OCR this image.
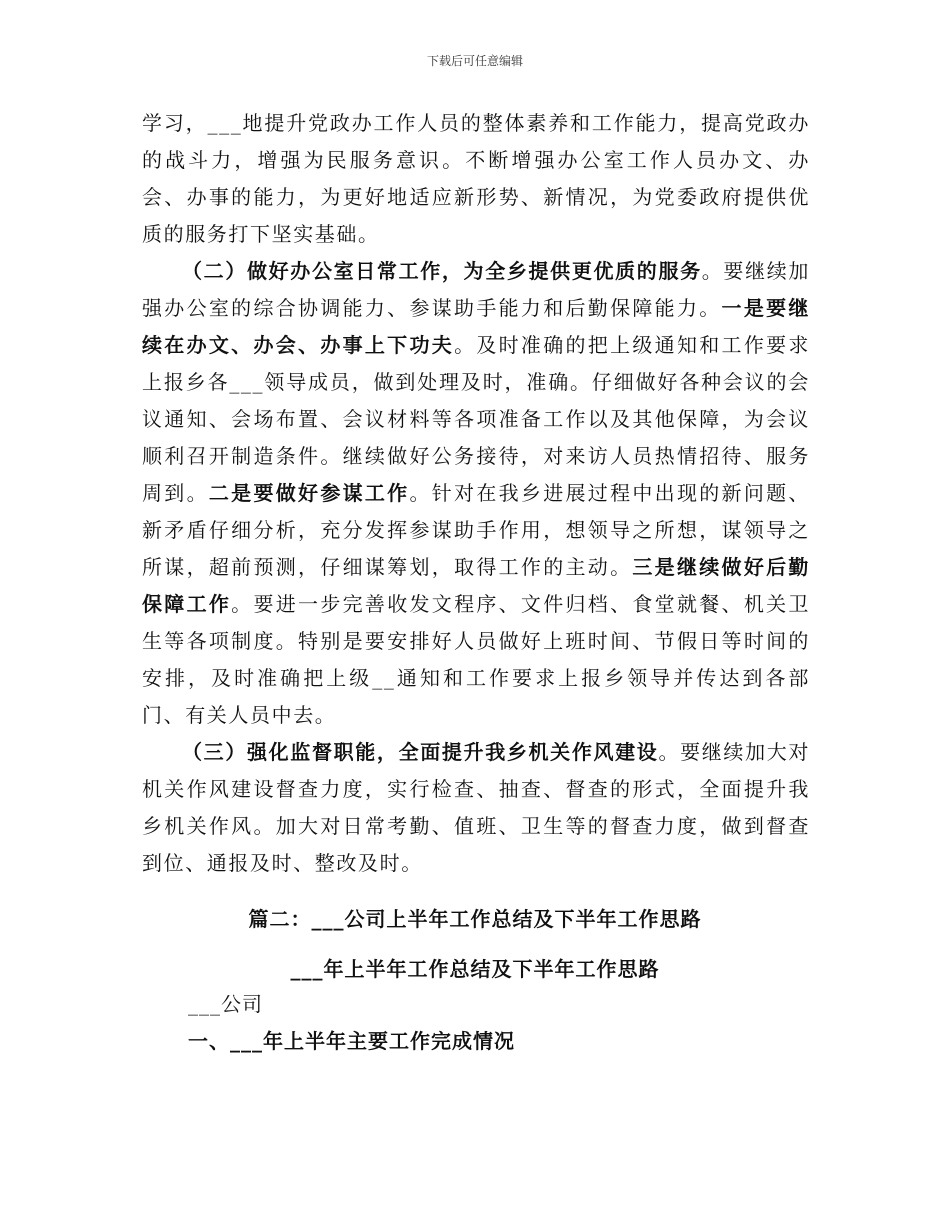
下载后可任意编辑

学习，___地提升党政办工作人员的整体素养和工作能力，提高党政办的战斗力，增强为民服务意识。不断增强办公室工作人员办文、办会、办事的能力，为更好地适应新形势、新情况，为党委政府提供优质的服务打下坚实基础。

（二）做好办公室日常工作，为全乡提供更优质的服务。要继续加强办公室的综合协调能力、参谋助手能力和后勤保障能力。一是要继续在办文、办会、办事上下功夫。及时准确的把上级通知和工作要求上报乡各___领导成员，做到处理及时，准确。仔细做好各种会议的会议通知、会场布置、会议材料等各项准备工作以及其他保障，为会议顺利召开制造条件。继续做好公务接待，对来访人员热情招待、服务周到。二是要做好参谋工作。针对在我乡进展过程中出现的新问题、新矛盾仔细分析，充分发挥参谋助手作用，想领导之所想，谋领导之所谋，超前预测，仔细谋筹划，取得工作的主动。三是继续做好后勤保障工作。要进一步完善收发文程序、文件归档、食堂就餐、机关卫生等各项制度。特别是要安排好人员做好上班时间、节假日等时间的安排，及时准确把上级__通知和工作要求上报乡领导并传达到各部门、有关人员中去。

（三）强化监督职能，全面提升我乡机关作风建设。要继续加大对机关作风建设督查力度，实行检查、抽查、督查的形式，全面提升我乡机关作风。加大对日常考勤、值班、卫生等的督查力度，做到督查到位、通报及时、整改及时。

篇二：___公司上半年工作总结及下半年工作思路
___年上半年工作总结及下半年工作思路
___公司
一、___年上半年主要工作完成情况
